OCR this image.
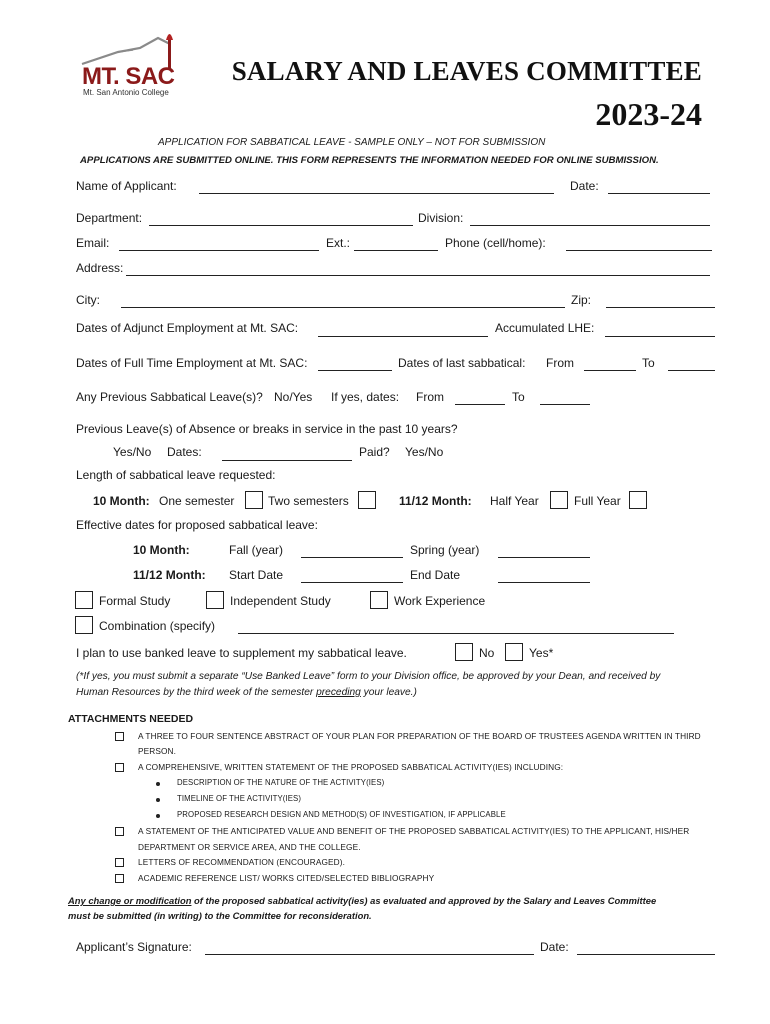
MT. SAC
Mt. San Antonio College
SALARY AND LEAVES COMMITTEE
2023-24
APPLICATION FOR SABBATICAL LEAVE - SAMPLE ONLY – NOT FOR SUBMISSION
APPLICATIONS ARE SUBMITTED ONLINE. THIS FORM REPRESENTS THE INFORMATION NEEDED FOR ONLINE SUBMISSION.
Name of Applicant:	Date:
Department:	Division:
Email:	Ext.:	Phone (cell/home):
Address:
City:	Zip:
Dates of Adjunct Employment at Mt. SAC:	Accumulated LHE:
Dates of Full Time Employment at Mt. SAC:	Dates of last sabbatical: From	To
Any Previous Sabbatical Leave(s)? No/Yes If yes, dates: From	To
Previous Leave(s) of Absence or breaks in service in the past 10 years?
Yes/No Dates:	Paid? Yes/No
Length of sabbatical leave requested:
10 Month: One semester	Two semesters	11/12 Month: Half Year	Full Year
Effective dates for proposed sabbatical leave:
10 Month:	Fall (year)	Spring (year)
11/12 Month: Start Date	End Date
Formal Study	Independent Study	Work Experience
Combination (specify)
I plan to use banked leave to supplement my sabbatical leave.	No	Yes*
(*If yes, you must submit a separate “Use Banked Leave” form to your Division office, be approved by your Dean, and received by
Human Resources by the third week of the semester preceding your leave.)
ATTACHMENTS NEEDED
A THREE TO FOUR SENTENCE ABSTRACT OF YOUR PLAN FOR PREPARATION OF THE BOARD OF TRUSTEES AGENDA WRITTEN IN THIRD
PERSON.
A COMPREHENSIVE, WRITTEN STATEMENT OF THE PROPOSED SABBATICAL ACTIVITY(IES) INCLUDING:
DESCRIPTION OF THE NATURE OF THE ACTIVITY(IES)
TIMELINE OF THE ACTIVITY(IES)
PROPOSED RESEARCH DESIGN AND METHOD(S) OF INVESTIGATION, IF APPLICABLE
A STATEMENT OF THE ANTICIPATED VALUE AND BENEFIT OF THE PROPOSED SABBATICAL ACTIVITY(IES) TO THE APPLICANT, HIS/HER
DEPARTMENT OR SERVICE AREA, AND THE COLLEGE.
LETTERS OF RECOMMENDATION (ENCOURAGED).
ACADEMIC REFERENCE LIST/ WORKS CITED/SELECTED BIBLIOGRAPHY
Any change or modification of the proposed sabbatical activity(ies) as evaluated and approved by the Salary and Leaves Committee
must be submitted (in writing) to the Committee for reconsideration.
Applicant’s Signature:	Date:
